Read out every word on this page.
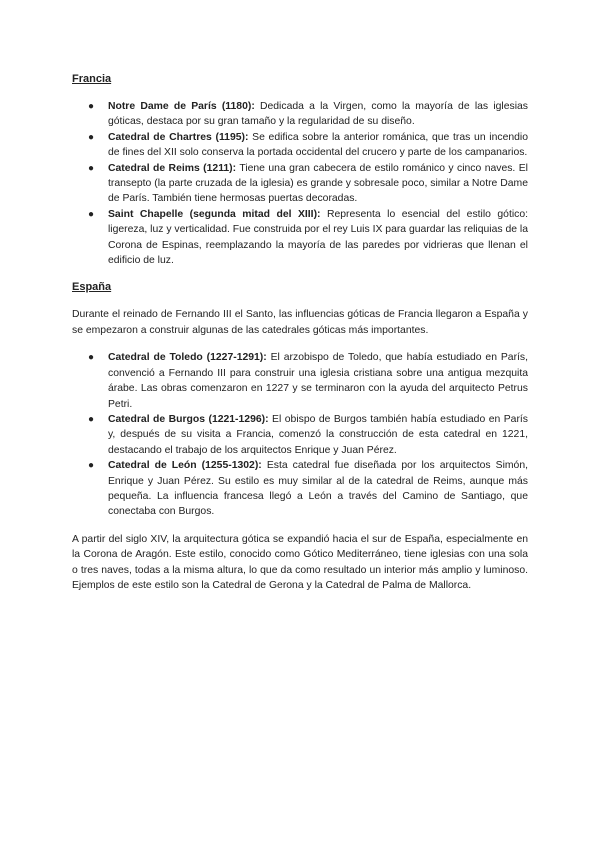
Francia
● Notre Dame de París (1180): Dedicada a la Virgen, como la mayoría de las iglesias góticas, destaca por su gran tamaño y la regularidad de su diseño.
● Catedral de Chartres (1195): Se edifica sobre la anterior románica, que tras un incendio de fines del XII solo conserva la portada occidental del crucero y parte de los campanarios.
● Catedral de Reims (1211): Tiene una gran cabecera de estilo románico y cinco naves. El transepto (la parte cruzada de la iglesia) es grande y sobresale poco, similar a Notre Dame de París. También tiene hermosas puertas decoradas.
● Saint Chapelle (segunda mitad del XIII): Representa lo esencial del estilo gótico: ligereza, luz y verticalidad. Fue construida por el rey Luis IX para guardar las reliquias de la Corona de Espinas, reemplazando la mayoría de las paredes por vidrieras que llenan el edificio de luz.
España

Durante el reinado de Fernando III el Santo, las influencias góticas de Francia llegaron a España y se empezaron a construir algunas de las catedrales góticas más importantes.

● Catedral de Toledo (1227-1291): El arzobispo de Toledo, que había estudiado en París, convenció a Fernando III para construir una iglesia cristiana sobre una antigua mezquita árabe. Las obras comenzaron en 1227 y se terminaron con la ayuda del arquitecto Petrus Petri.
● Catedral de Burgos (1221-1296): El obispo de Burgos también había estudiado en París y, después de su visita a Francia, comenzó la construcción de esta catedral en 1221, destacando el trabajo de los arquitectos Enrique y Juan Pérez.
● Catedral de León (1255-1302): Esta catedral fue diseñada por los arquitectos Simón, Enrique y Juan Pérez. Su estilo es muy similar al de la catedral de Reims, aunque más pequeña. La influencia francesa llegó a León a través del Camino de Santiago, que conectaba con Burgos.

A partir del siglo XIV, la arquitectura gótica se expandió hacia el sur de España, especialmente en la Corona de Aragón. Este estilo, conocido como Gótico Mediterráneo, tiene iglesias con una sola o tres naves, todas a la misma altura, lo que da como resultado un interior más amplio y luminoso. Ejemplos de este estilo son la Catedral de Gerona y la Catedral de Palma de Mallorca.
